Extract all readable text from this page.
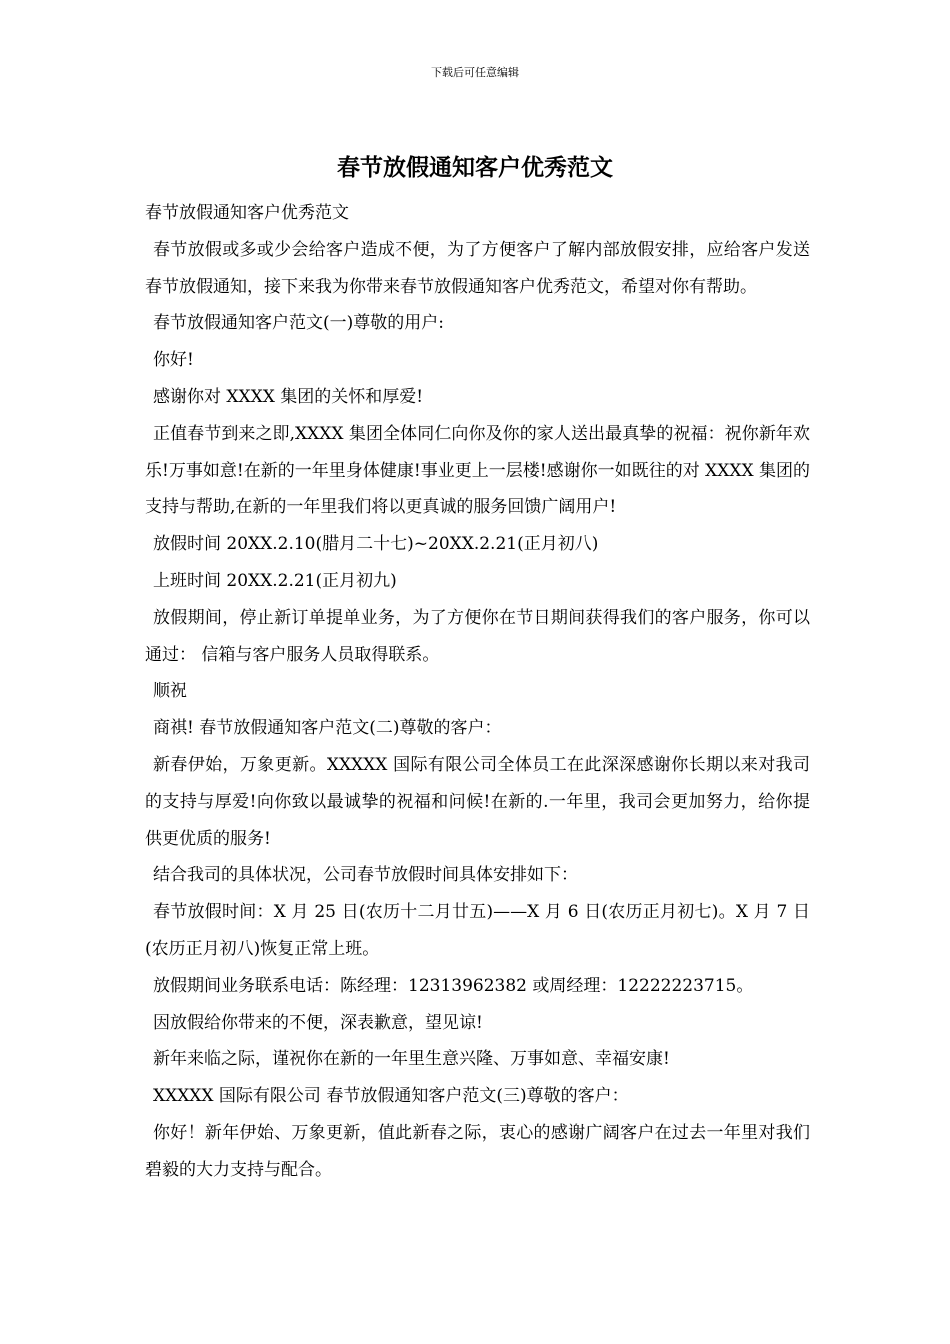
下载后可任意编辑
春节放假通知客户优秀范文

春节放假通知客户优秀范文

春节放假或多或少会给客户造成不便，为了方便客户了解内部放假安排，应给客户发送春节放假通知，接下来我为你带来春节放假通知客户优秀范文，希望对你有帮助。

春节放假通知客户范文(一)尊敬的用户:

你好!

感谢你对 XXXX 集团的关怀和厚爱!

正值春节到来之即,XXXX 集团全体同仁向你及你的家人送出最真挚的祝福：祝你新年欢乐!万事如意!在新的一年里身体健康!事业更上一层楼!感谢你一如既往的对 XXXX 集团的支持与帮助,在新的一年里我们将以更真诚的服务回馈广阔用户!

放假时间 20XX.2.10(腊月二十七)~20XX.2.21(正月初八)

上班时间 20XX.2.21(正月初九)

放假期间，停止新订单提单业务，为了方便你在节日期间获得我们的客户服务，你可以通过： 信箱与客户服务人员取得联系。

顺祝

商祺! 春节放假通知客户范文(二)尊敬的客户：

新春伊始，万象更新。XXXXX 国际有限公司全体员工在此深深感谢你长期以来对我司的支持与厚爱!向你致以最诚挚的祝福和问候!在新的.一年里，我司会更加努力，给你提供更优质的服务!

结合我司的具体状况，公司春节放假时间具体安排如下：

春节放假时间：X 月 25 日(农历十二月廿五)——X 月 6 日(农历正月初七)。X 月 7 日(农历正月初八)恢复正常上班。

放假期间业务联系电话：陈经理：12313962382 或周经理：12222223715。

因放假给你带来的不便，深表歉意，望见谅!

新年来临之际，谨祝你在新的一年里生意兴隆、万事如意、幸福安康!

XXXXX 国际有限公司 春节放假通知客户范文(三)尊敬的客户：

你好！新年伊始、万象更新，值此新春之际，衷心的感谢广阔客户在过去一年里对我们碧毅的大力支持与配合。
